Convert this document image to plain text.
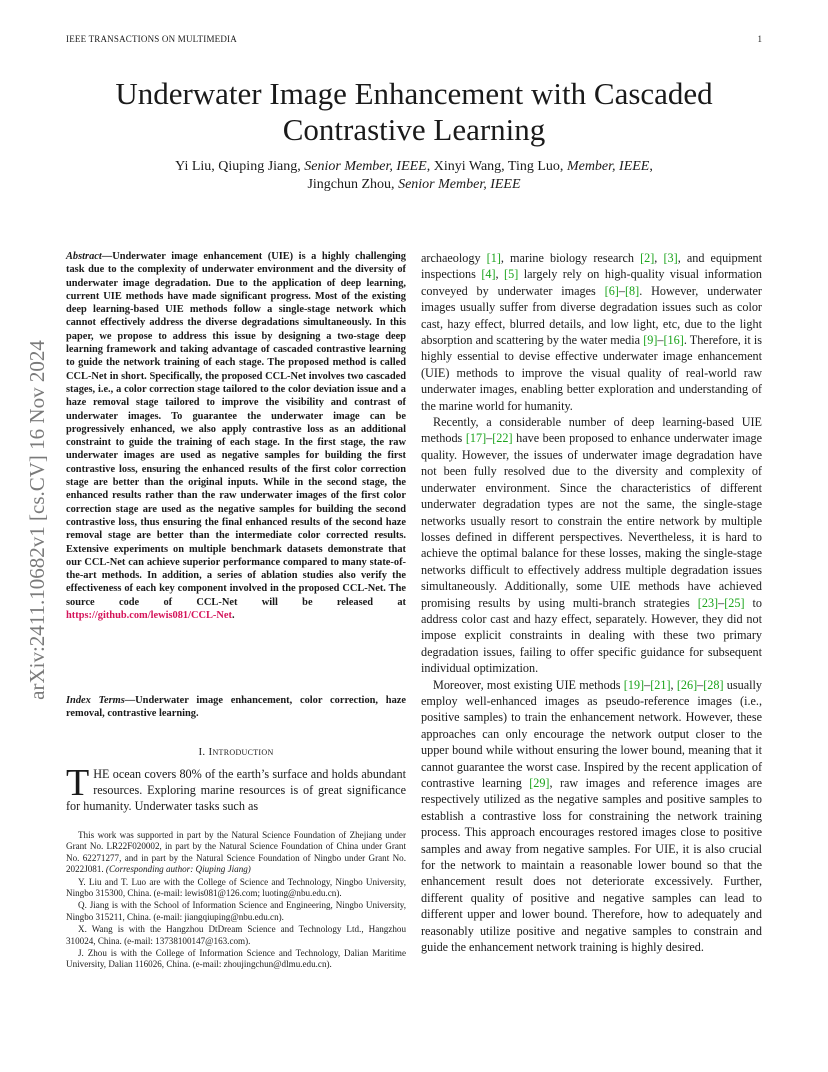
IEEE TRANSACTIONS ON MULTIMEDIA	1
Underwater Image Enhancement with Cascaded Contrastive Learning
Yi Liu, Qiuping Jiang, Senior Member, IEEE, Xinyi Wang, Ting Luo, Member, IEEE,
Jingchun Zhou, Senior Member, IEEE
arXiv:2411.10682v1 [cs.CV] 16 Nov 2024
Abstract—Underwater image enhancement (UIE) is a highly challenging task due to the complexity of underwater environment and the diversity of underwater image degradation. Due to the application of deep learning, current UIE methods have made significant progress. Most of the existing deep learning-based UIE methods follow a single-stage network which cannot effectively address the diverse degradations simultaneously. In this paper, we propose to address this issue by designing a two-stage deep learning framework and taking advantage of cascaded contrastive learning to guide the network training of each stage. The proposed method is called CCL-Net in short. Specifically, the proposed CCL-Net involves two cascaded stages, i.e., a color correction stage tailored to the color deviation issue and a haze removal stage tailored to improve the visibility and contrast of underwater images. To guarantee the underwater image can be progressively enhanced, we also apply contrastive loss as an additional constraint to guide the training of each stage. In the first stage, the raw underwater images are used as negative samples for building the first contrastive loss, ensuring the enhanced results of the first color correction stage are better than the original inputs. While in the second stage, the enhanced results rather than the raw underwater images of the first color correction stage are used as the negative samples for building the second contrastive loss, thus ensuring the final enhanced results of the second haze removal stage are better than the intermediate color corrected results. Extensive experiments on multiple benchmark datasets demonstrate that our CCL-Net can achieve superior performance compared to many state-of-the-art methods. In addition, a series of ablation studies also verify the effectiveness of each key component involved in the proposed CCL-Net. The source code of CCL-Net will be released at https://github.com/lewis081/CCL-Net.
Index Terms—Underwater image enhancement, color correction, haze removal, contrastive learning.
I. Introduction
THE ocean covers 80% of the earth’s surface and holds abundant resources. Exploring marine resources is of great significance for humanity. Underwater tasks such as

This work was supported in part by the Natural Science Foundation of Zhejiang under Grant No. LR22F020002, in part by the Natural Science Foundation of China under Grant No. 62271277, and in part by the Natural Science Foundation of Ningbo under Grant No. 2022J081. (Corresponding author: Qiuping Jiang)

Y. Liu and T. Luo are with the College of Science and Technology, Ningbo University, Ningbo 315300, China. (e-mail: lewis081@126.com; luoting@nbu.edu.cn).

Q. Jiang is with the School of Information Science and Engineering, Ningbo University, Ningbo 315211, China. (e-mail: jiangqiuping@nbu.edu.cn).

X. Wang is with the Hangzhou DtDream Science and Technology Ltd., Hangzhou 310024, China. (e-mail: 13738100147@163.com).

J. Zhou is with the College of Information Science and Technology, Dalian Maritime University, Dalian 116026, China. (e-mail: zhoujingchun@dlmu.edu.cn).

archaeology [1], marine biology research [2], [3], and equipment inspections [4], [5] largely rely on high-quality visual information conveyed by underwater images [6]–[8]. However, underwater images usually suffer from diverse degradation issues such as color cast, hazy effect, blurred details, and low light, etc, due to the light absorption and scattering by the water media [9]–[16]. Therefore, it is highly essential to devise effective underwater image enhancement (UIE) methods to improve the visual quality of real-world raw underwater images, enabling better exploration and understanding of the marine world for humanity.

Recently, a considerable number of deep learning-based UIE methods [17]–[22] have been proposed to enhance underwater image quality. However, the issues of underwater image degradation have not been fully resolved due to the diversity and complexity of underwater environment. Since the characteristics of different underwater degradation types are not the same, the single-stage networks usually resort to constrain the entire network by multiple losses defined in different perspectives. Nevertheless, it is hard to achieve the optimal balance for these losses, making the single-stage networks difficult to effectively address multiple degradation issues simultaneously. Additionally, some UIE methods have achieved promising results by using multi-branch strategies [23]–[25] to address color cast and hazy effect, separately. However, they did not impose explicit constraints in dealing with these two primary degradation issues, failing to offer specific guidance for subsequent individual optimization.

Moreover, most existing UIE methods [19]–[21], [26]–[28] usually employ well-enhanced images as pseudo-reference images (i.e., positive samples) to train the enhancement network. However, these approaches can only encourage the network output closer to the upper bound while without ensuring the lower bound, meaning that it cannot guarantee the worst case. Inspired by the recent application of contrastive learning [29], raw images and reference images are respectively utilized as the negative samples and positive samples to establish a contrastive loss for constraining the network training process. This approach encourages restored images close to positive samples and away from negative samples. For UIE, it is also crucial for the network to maintain a reasonable lower bound so that the enhancement result does not deteriorate excessively. Further, different quality of positive and negative samples can lead to different upper and lower bound. Therefore, how to adequately and reasonably utilize positive and negative samples to constrain and guide the enhancement network training is highly desired.
